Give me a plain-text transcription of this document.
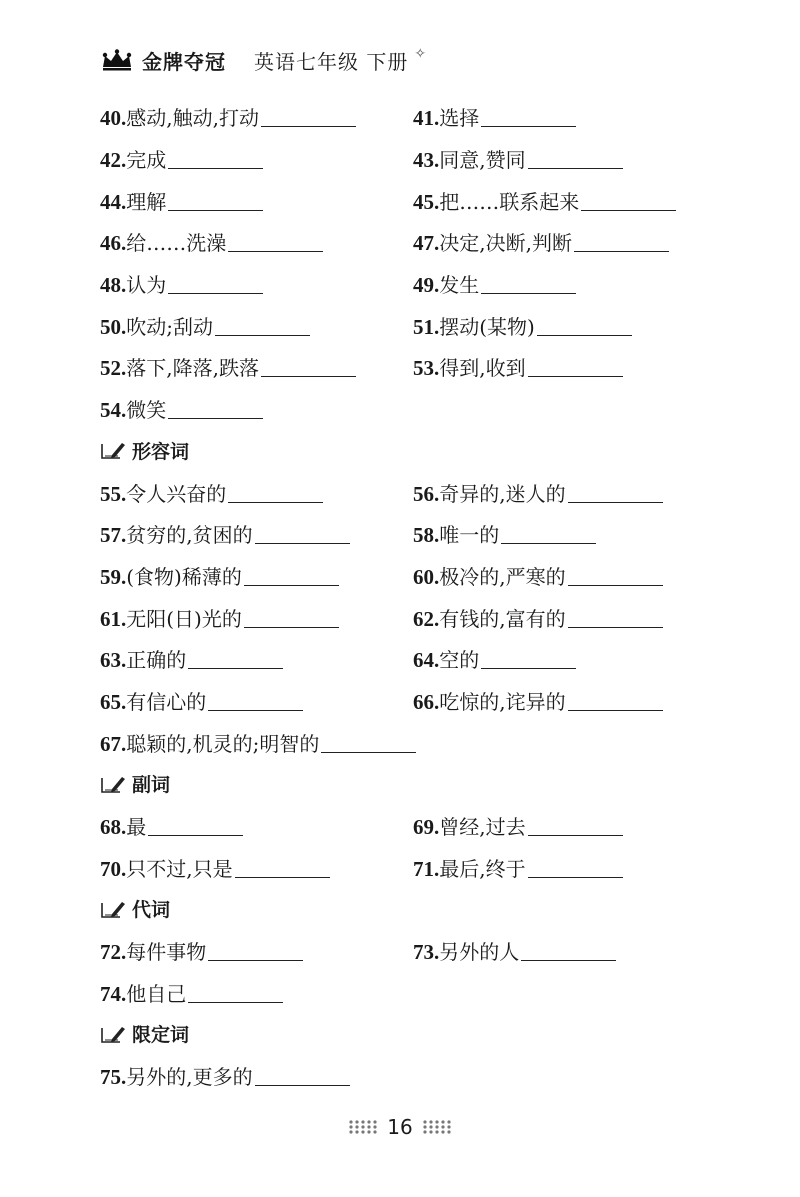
金牌夺冠 英语七年级 下册 ✧
40. 感动,触动,打动	41. 选择
42. 完成	43. 同意,赞同
44. 理解	45. 把……联系起来
46. 给……洗澡	47. 决定,决断,判断
48. 认为	49. 发生
50. 吹动;刮动	51. 摆动(某物)
52. 落下,降落,跌落	53. 得到,收到
54. 微笑
形容词
55. 令人兴奋的	56. 奇异的,迷人的
57. 贫穷的,贫困的	58. 唯一的
59. (食物)稀薄的	60. 极冷的,严寒的
61. 无阳(日)光的	62. 有钱的,富有的
63. 正确的	64. 空的
65. 有信心的	66. 吃惊的,诧异的
67. 聪颖的,机灵的;明智的
副词
68. 最	69. 曾经,过去
70. 只不过,只是	71. 最后,终于
代词
72. 每件事物	73. 另外的人
74. 他自己
限定词
75. 另外的,更多的
16
